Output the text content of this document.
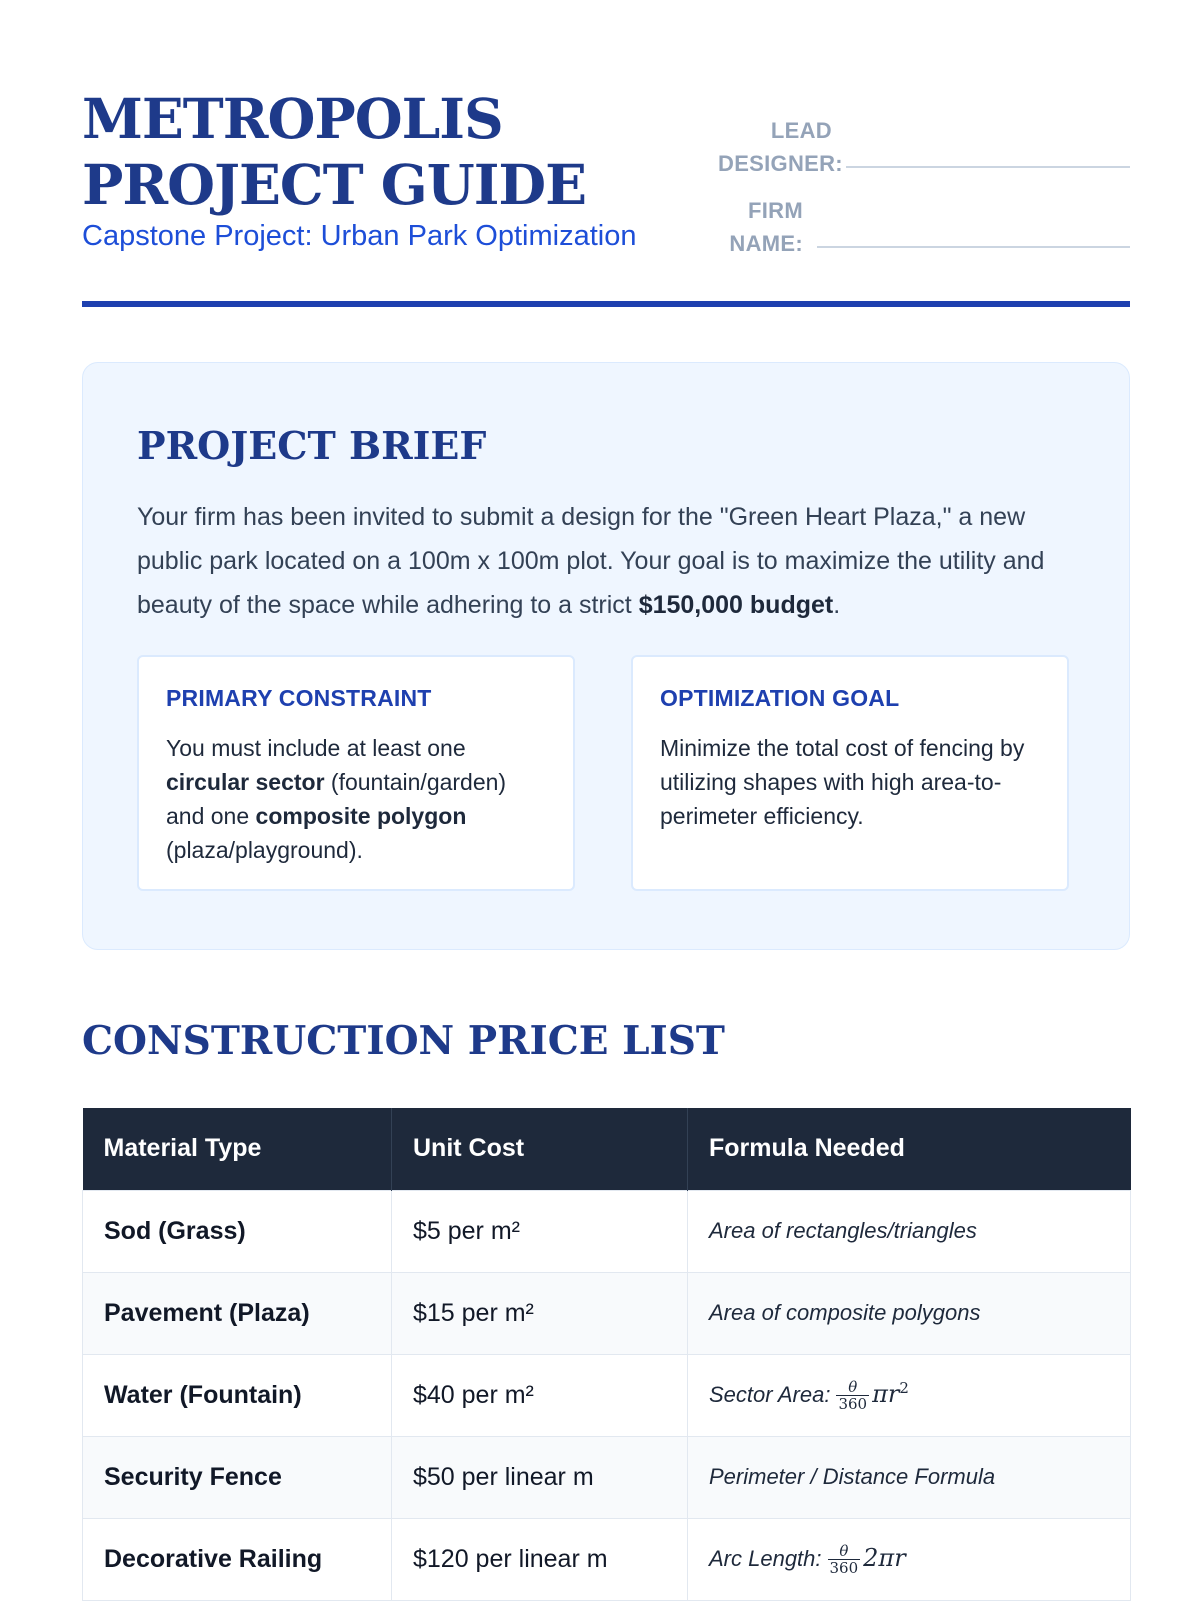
METROPOLIS
PROJECT GUIDE
Capstone Project: Urban Park Optimization
LEAD
DESIGNER:
FIRM
NAME:
PROJECT BRIEF

Your firm has been invited to submit a design for the "Green Heart Plaza," a new public park located on a 100m x 100m plot. Your goal is to maximize the utility and beauty of the space while adhering to a strict $150,000 budget.

PRIMARY CONSTRAINT
You must include at least one circular sector (fountain/garden) and one composite polygon (plaza/playground).
OPTIMIZATION GOAL
Minimize the total cost of fencing by utilizing shapes with high area-to-perimeter efficiency.
CONSTRUCTION PRICE LIST
Material Type	Unit Cost	Formula Needed
Sod (Grass)	$5 per m²	Area of rectangles/triangles
Pavement (Plaza)	$15 per m²	Area of composite polygons
Water (Fountain)	$40 per m²	Sector Area: $\frac{\theta}{360} \pi r^2$
Security Fence	$50 per linear m	Perimeter / Distance Formula
Decorative Railing	$120 per linear m	Arc Length: $\frac{\theta}{360} 2\pi r$
